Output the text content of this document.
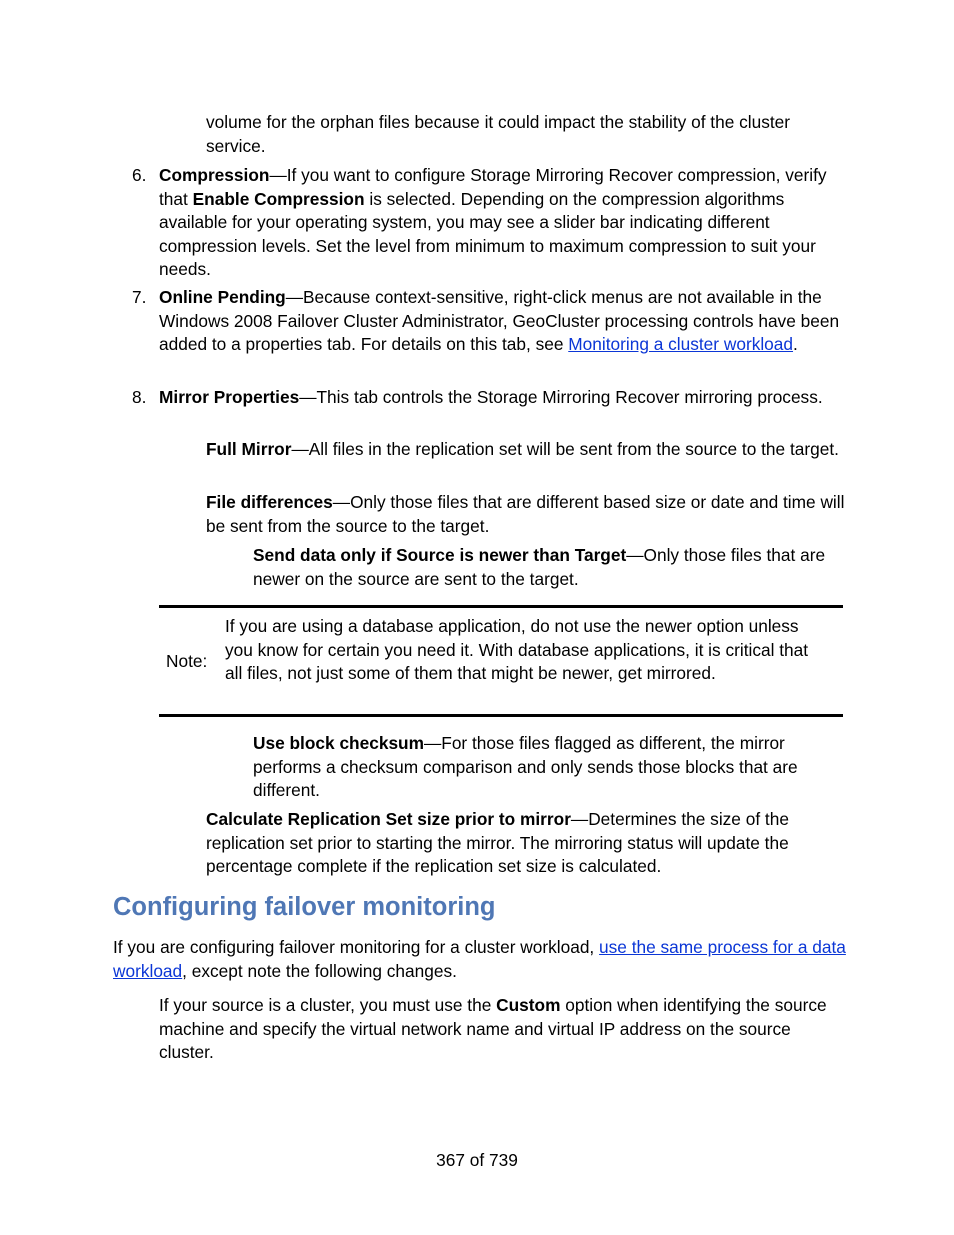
volume for the orphan files because it could impact the stability of the cluster service.

6. Compression—If you want to configure Storage Mirroring Recover compression, verify that Enable Compression is selected. Depending on the compression algorithms available for your operating system, you may see a slider bar indicating different compression levels. Set the level from minimum to maximum compression to suit your needs.
7. Online Pending—Because context-sensitive, right-click menus are not available in the Windows 2008 Failover Cluster Administrator, GeoCluster processing controls have been added to a properties tab. For details on this tab, see Monitoring a cluster workload.
8. Mirror Properties—This tab controls the Storage Mirroring Recover mirroring process.
Full Mirror—All files in the replication set will be sent from the source to the target.
File differences—Only those files that are different based size or date and time will be sent from the source to the target.
Send data only if Source is newer than Target—Only those files that are newer on the source are sent to the target.
Note:
If you are using a database application, do not use the newer option unless you know for certain you need it. With database applications, it is critical that all files, not just some of them that might be newer, get mirrored.
Use block checksum—For those files flagged as different, the mirror performs a checksum comparison and only sends those blocks that are different.
Calculate Replication Set size prior to mirror—Determines the size of the replication set prior to starting the mirror. The mirroring status will update the percentage complete if the replication set size is calculated.
Configuring failover monitoring
If you are configuring failover monitoring for a cluster workload, use the same process for a data workload, except note the following changes.
If your source is a cluster, you must use the Custom option when identifying the source machine and specify the virtual network name and virtual IP address on the source cluster.
367 of 739
